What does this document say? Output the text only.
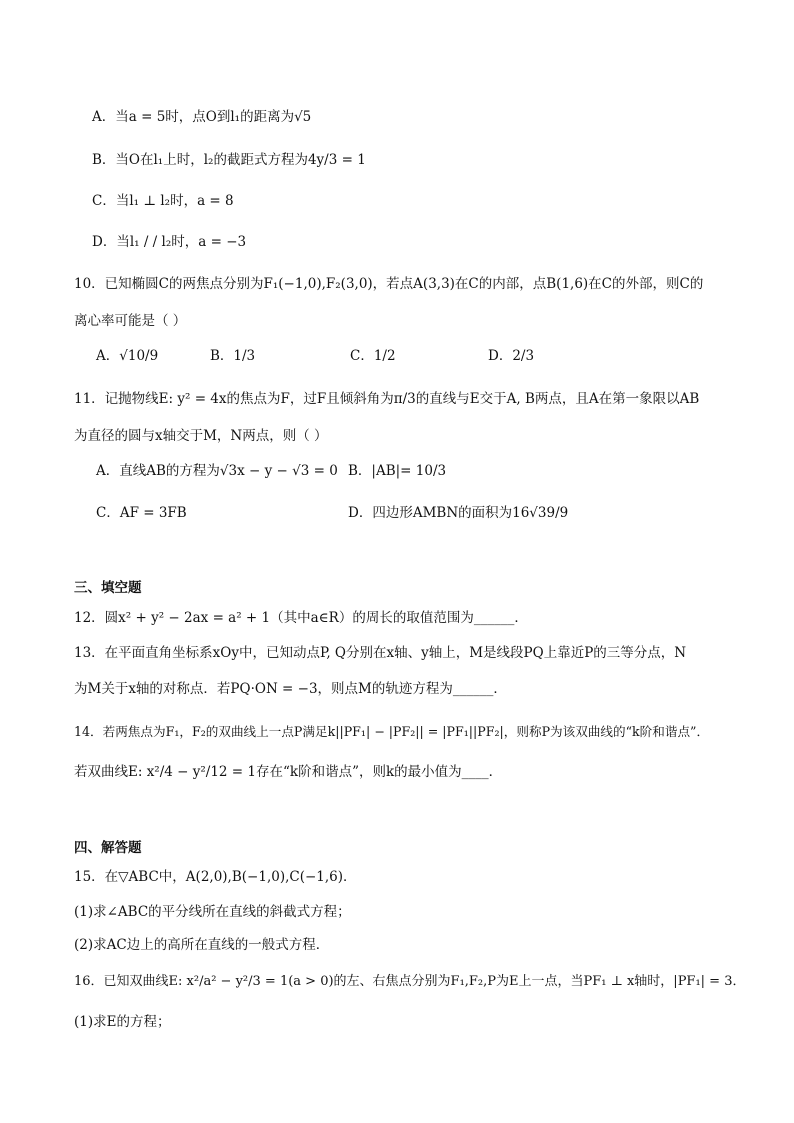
A．当a = 5时，点O到l₁的距离为√5
B．当O在l₁上时，l₂的截距式方程为4y/3 = 1
C．当l₁ ⊥ l₂时，a = 8
D．当l₁ / / l₂时，a = −3
10．已知椭圆C的两焦点分别为F₁(−1,0),F₂(3,0)，若点A(3,3)在C的内部，点B(1,6)在C的外部，则C的
离心率可能是（ ）
A．√10/9	B．1/3	C．1/2	D．2/3
11．记抛物线E: y² = 4x的焦点为F，过F且倾斜角为π/3的直线与E交于A, B两点，且A在第一象限以AB
为直径的圆与x轴交于M，N两点，则（ ）
A．直线AB的方程为√3x − y − √3 = 0 B．|AB|= 10/3
C．AF = 3FB	D．四边形AMBN的面积为16√39/9
三、填空题
12．圆x² + y² − 2ax = a² + 1（其中a∈R）的周长的取值范围为______．
13．在平面直角坐标系xOy中，已知动点P, Q分别在x轴、y轴上，M是线段PQ上靠近P的三等分点，N
为M关于x轴的对称点．若PQ·ON = −3，则点M的轨迹方程为______．
14．若两焦点为F₁，F₂的双曲线上一点P满足k||PF₁| − |PF₂|| = |PF₁||PF₂|，则称P为该双曲线的“k阶和谐点”．
若双曲线E: x²/4 − y²/12 = 1存在“k阶和谐点”，则k的最小值为____．
四、解答题
15．在▽ABC中，A(2,0),B(−1,0),C(−1,6)．
(1)求∠ABC的平分线所在直线的斜截式方程；
(2)求AC边上的高所在直线的一般式方程．
16．已知双曲线E: x²/a² − y²/3 = 1(a > 0)的左、右焦点分别为F₁,F₂,P为E上一点，当PF₁ ⊥ x轴时，|PF₁| = 3．
(1)求E的方程；
